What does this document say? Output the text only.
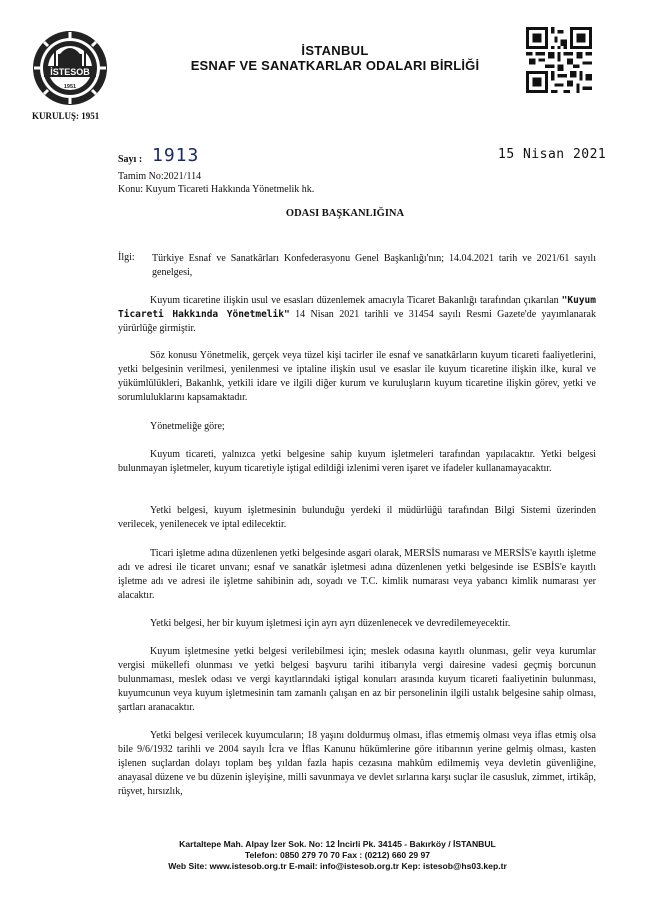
İSTESOB
1951
KURULUŞ: 1951
İSTANBUL
ESNAF VE SANATKARLAR ODALARI BİRLİĞİ
Sayı : 1913	15 Nisan 2021
Tamim No:2021/114
Konu: Kuyum Ticareti Hakkında Yönetmelik hk.
ODASI BAŞKANLIĞINA
İlgi: Türkiye Esnaf ve Sanatkârları Konfederasyonu Genel Başkanlığı'nın; 14.04.2021 tarih ve 2021/61 sayılı genelgesi,
Kuyum ticaretine ilişkin usul ve esasları düzenlemek amacıyla Ticaret Bakanlığı tarafından çıkarılan "Kuyum Ticareti Hakkında Yönetmelik" 14 Nisan 2021 tarihli ve 31454 sayılı Resmi Gazete'de yayımlanarak yürürlüğe girmiştir.
Söz konusu Yönetmelik, gerçek veya tüzel kişi tacirler ile esnaf ve sanatkârların kuyum ticareti faaliyetlerini, yetki belgesinin verilmesi, yenilenmesi ve iptaline ilişkin usul ve esaslar ile kuyum ticaretine ilişkin ilke, kural ve yükümlülükleri, Bakanlık, yetkili idare ve ilgili diğer kurum ve kuruluşların kuyum ticaretine ilişkin görev, yetki ve sorumluluklarını kapsamaktadır.
Yönetmeliğe göre;
Kuyum ticareti, yalnızca yetki belgesine sahip kuyum işletmeleri tarafından yapılacaktır. Yetki belgesi bulunmayan işletmeler, kuyum ticaretiyle iştigal edildiği izlenimi veren işaret ve ifadeler kullanamayacaktır.
Yetki belgesi, kuyum işletmesinin bulunduğu yerdeki il müdürlüğü tarafından Bilgi Sistemi üzerinden verilecek, yenilenecek ve iptal edilecektir.
Ticari işletme adına düzenlenen yetki belgesinde asgari olarak, MERSİS numarası ve MERSİS'e kayıtlı işletme adı ve adresi ile ticaret unvanı; esnaf ve sanatkâr işletmesi adına düzenlenen yetki belgesinde ise ESBİS'e kayıtlı işletme adı ve adresi ile işletme sahibinin adı, soyadı ve T.C. kimlik numarası veya yabancı kimlik numarası yer alacaktır.
Yetki belgesi, her bir kuyum işletmesi için ayrı ayrı düzenlenecek ve devredilemeyecektir.
Kuyum işletmesine yetki belgesi verilebilmesi için; meslek odasına kayıtlı olunması, gelir veya kurumlar vergisi mükellefi olunması ve yetki belgesi başvuru tarihi itibarıyla vergi dairesine vadesi geçmiş borcunun bulunmaması, meslek odası ve vergi kayıtlarındaki iştigal konuları arasında kuyum ticareti faaliyetinin bulunması, kuyumcunun veya kuyum işletmesinin tam zamanlı çalışan en az bir personelinin ilgili ustalık belgesine sahip olması, şartları aranacaktır.
Yetki belgesi verilecek kuyumcuların; 18 yaşını doldurmuş olması, iflas etmemiş olması veya iflas etmiş olsa bile 9/6/1932 tarihli ve 2004 sayılı İcra ve İflas Kanunu hükümlerine göre itibarının yerine gelmiş olması, kasten işlenen suçlardan dolayı toplam beş yıldan fazla hapis cezasına mahkûm edilmemiş veya devletin güvenliğine, anayasal düzene ve bu düzenin işleyişine, milli savunmaya ve devlet sırlarına karşı suçlar ile casusluk, zimmet, irtikâp, rüşvet, hırsızlık,
Kartaltepe Mah. Alpay İzer Sok. No: 12 İncirli Pk. 34145 - Bakırköy / İSTANBUL
Telefon: 0850 279 70 70 Fax : (0212) 660 29 97
Web Site: www.istesob.org.tr E-mail: info@istesob.org.tr Kep: istesob@hs03.kep.tr
